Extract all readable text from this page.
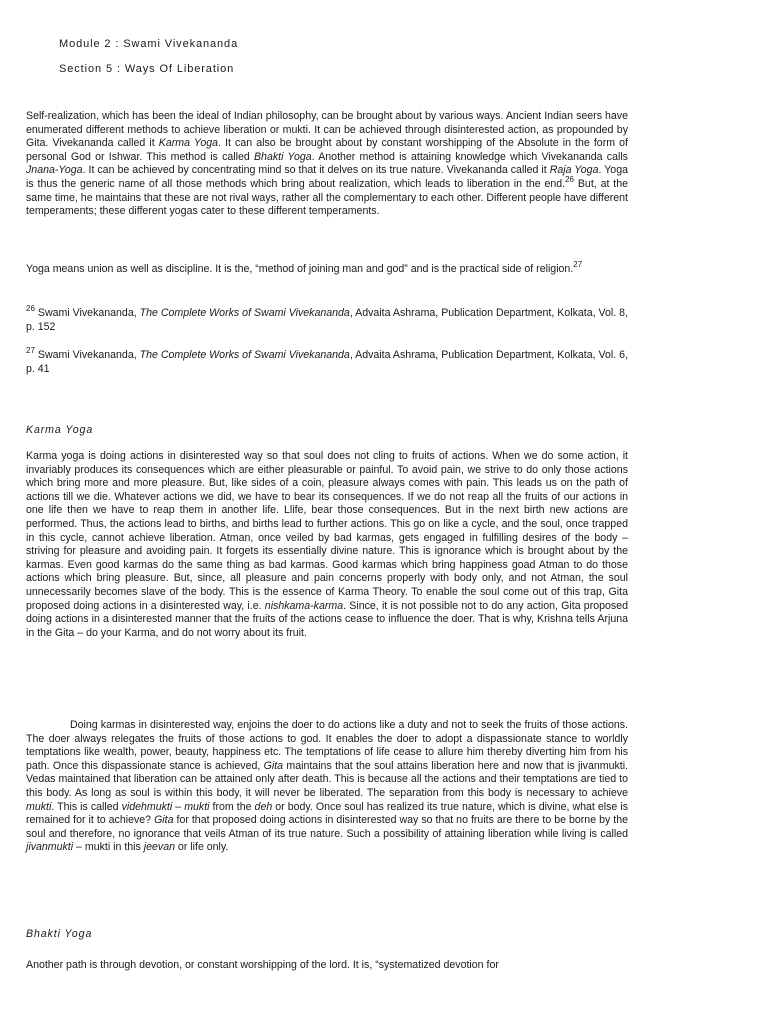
Module 2 : Swami Vivekananda
Section 5 : Ways Of Liberation

Self-realization, which has been the ideal of Indian philosophy, can be brought about by various ways. Ancient Indian seers have enumerated different methods to achieve liberation or mukti. It can be achieved through disinterested action, as propounded by Gita. Vivekananda called it Karma Yoga. It can also be brought about by constant worshipping of the Absolute in the form of personal God or Ishwar. This method is called Bhakti Yoga. Another method is attaining knowledge which Vivekananda calls Jnana-Yoga. It can be achieved by concentrating mind so that it delves on its true nature. Vivekananda called it Raja Yoga. Yoga is thus the generic name of all those methods which bring about realization, which leads to liberation in the end.$^{26}$ But, at the same time, he maintains that these are not rival ways, rather all the complementary to each other. Different people have different temperaments; these different yogas cater to these different temperaments.

Yoga means union as well as discipline. It is the, “method of joining man and god” and is the practical side of religion.$^{27}$

$^{26}$ Swami Vivekananda, The Complete Works of Swami Vivekananda, Advaita Ashrama, Publication Department, Kolkata, Vol. 8, p. 152

$^{27}$ Swami Vivekananda, The Complete Works of Swami Vivekananda, Advaita Ashrama, Publication Department, Kolkata, Vol. 6, p. 41

Karma Yoga

Karma yoga is doing actions in disinterested way so that soul does not cling to fruits of actions. When we do some action, it invariably produces its consequences which are either pleasurable or painful. To avoid pain, we strive to do only those actions which bring more and more pleasure. But, like sides of a coin, pleasure always comes with pain. This leads us on the path of actions till we die. Whatever actions we did, we have to bear its consequences. If we do not reap all the fruits of our actions in one life then we have to reap them in another life. Llife, bear those consequences. But in the next birth new actions are performed. Thus, the actions lead to births, and births lead to further actions. This go on like a cycle, and the soul, once trapped in this cycle, cannot achieve liberation. Atman, once veiled by bad karmas, gets engaged in fulfilling desires of the body – striving for pleasure and avoiding pain. It forgets its essentially divine nature. This is ignorance which is brought about by the karmas. Even good karmas do the same thing as bad karmas. Good karmas which bring happiness goad Atman to do those actions which bring pleasure. But, since, all pleasure and pain concerns properly with body only, and not Atman, the soul unnecessarily becomes slave of the body. This is the essence of Karma Theory. To enable the soul come out of this trap, Gita proposed doing actions in a disinterested way, i.e. nishkama-karma. Since, it is not possible not to do any action, Gita proposed doing actions in a disinterested manner that the fruits of the actions cease to influence the doer. That is why, Krishna tells Arjuna in the Gita – do your Karma, and do not worry about its fruit.

Doing karmas in disinterested way, enjoins the doer to do actions like a duty and not to seek the fruits of those actions. The doer always relegates the fruits of those actions to god. It enables the doer to adopt a dispassionate stance to worldly temptations like wealth, power, beauty, happiness etc. The temptations of life cease to allure him thereby diverting him from his path. Once this dispassionate stance is achieved, Gita maintains that the soul attains liberation here and now that is jivanmukti. Vedas maintained that liberation can be attained only after death. This is because all the actions and their temptations are tied to this body. As long as soul is within this body, it will never be liberated. The separation from this body is necessary to achieve mukti. This is called videhmukti – mukti from the deh or body. Once soul has realized its true nature, which is divine, what else is remained for it to achieve? Gita for that proposed doing actions in disinterested way so that no fruits are there to be borne by the soul and therefore, no ignorance that veils Atman of its true nature. Such a possibility of attaining liberation while living is called jivanmukti – mukti in this jeevan or life only.

Bhakti Yoga

Another path is through devotion, or constant worshipping of the lord. It is, “systematized devotion for
